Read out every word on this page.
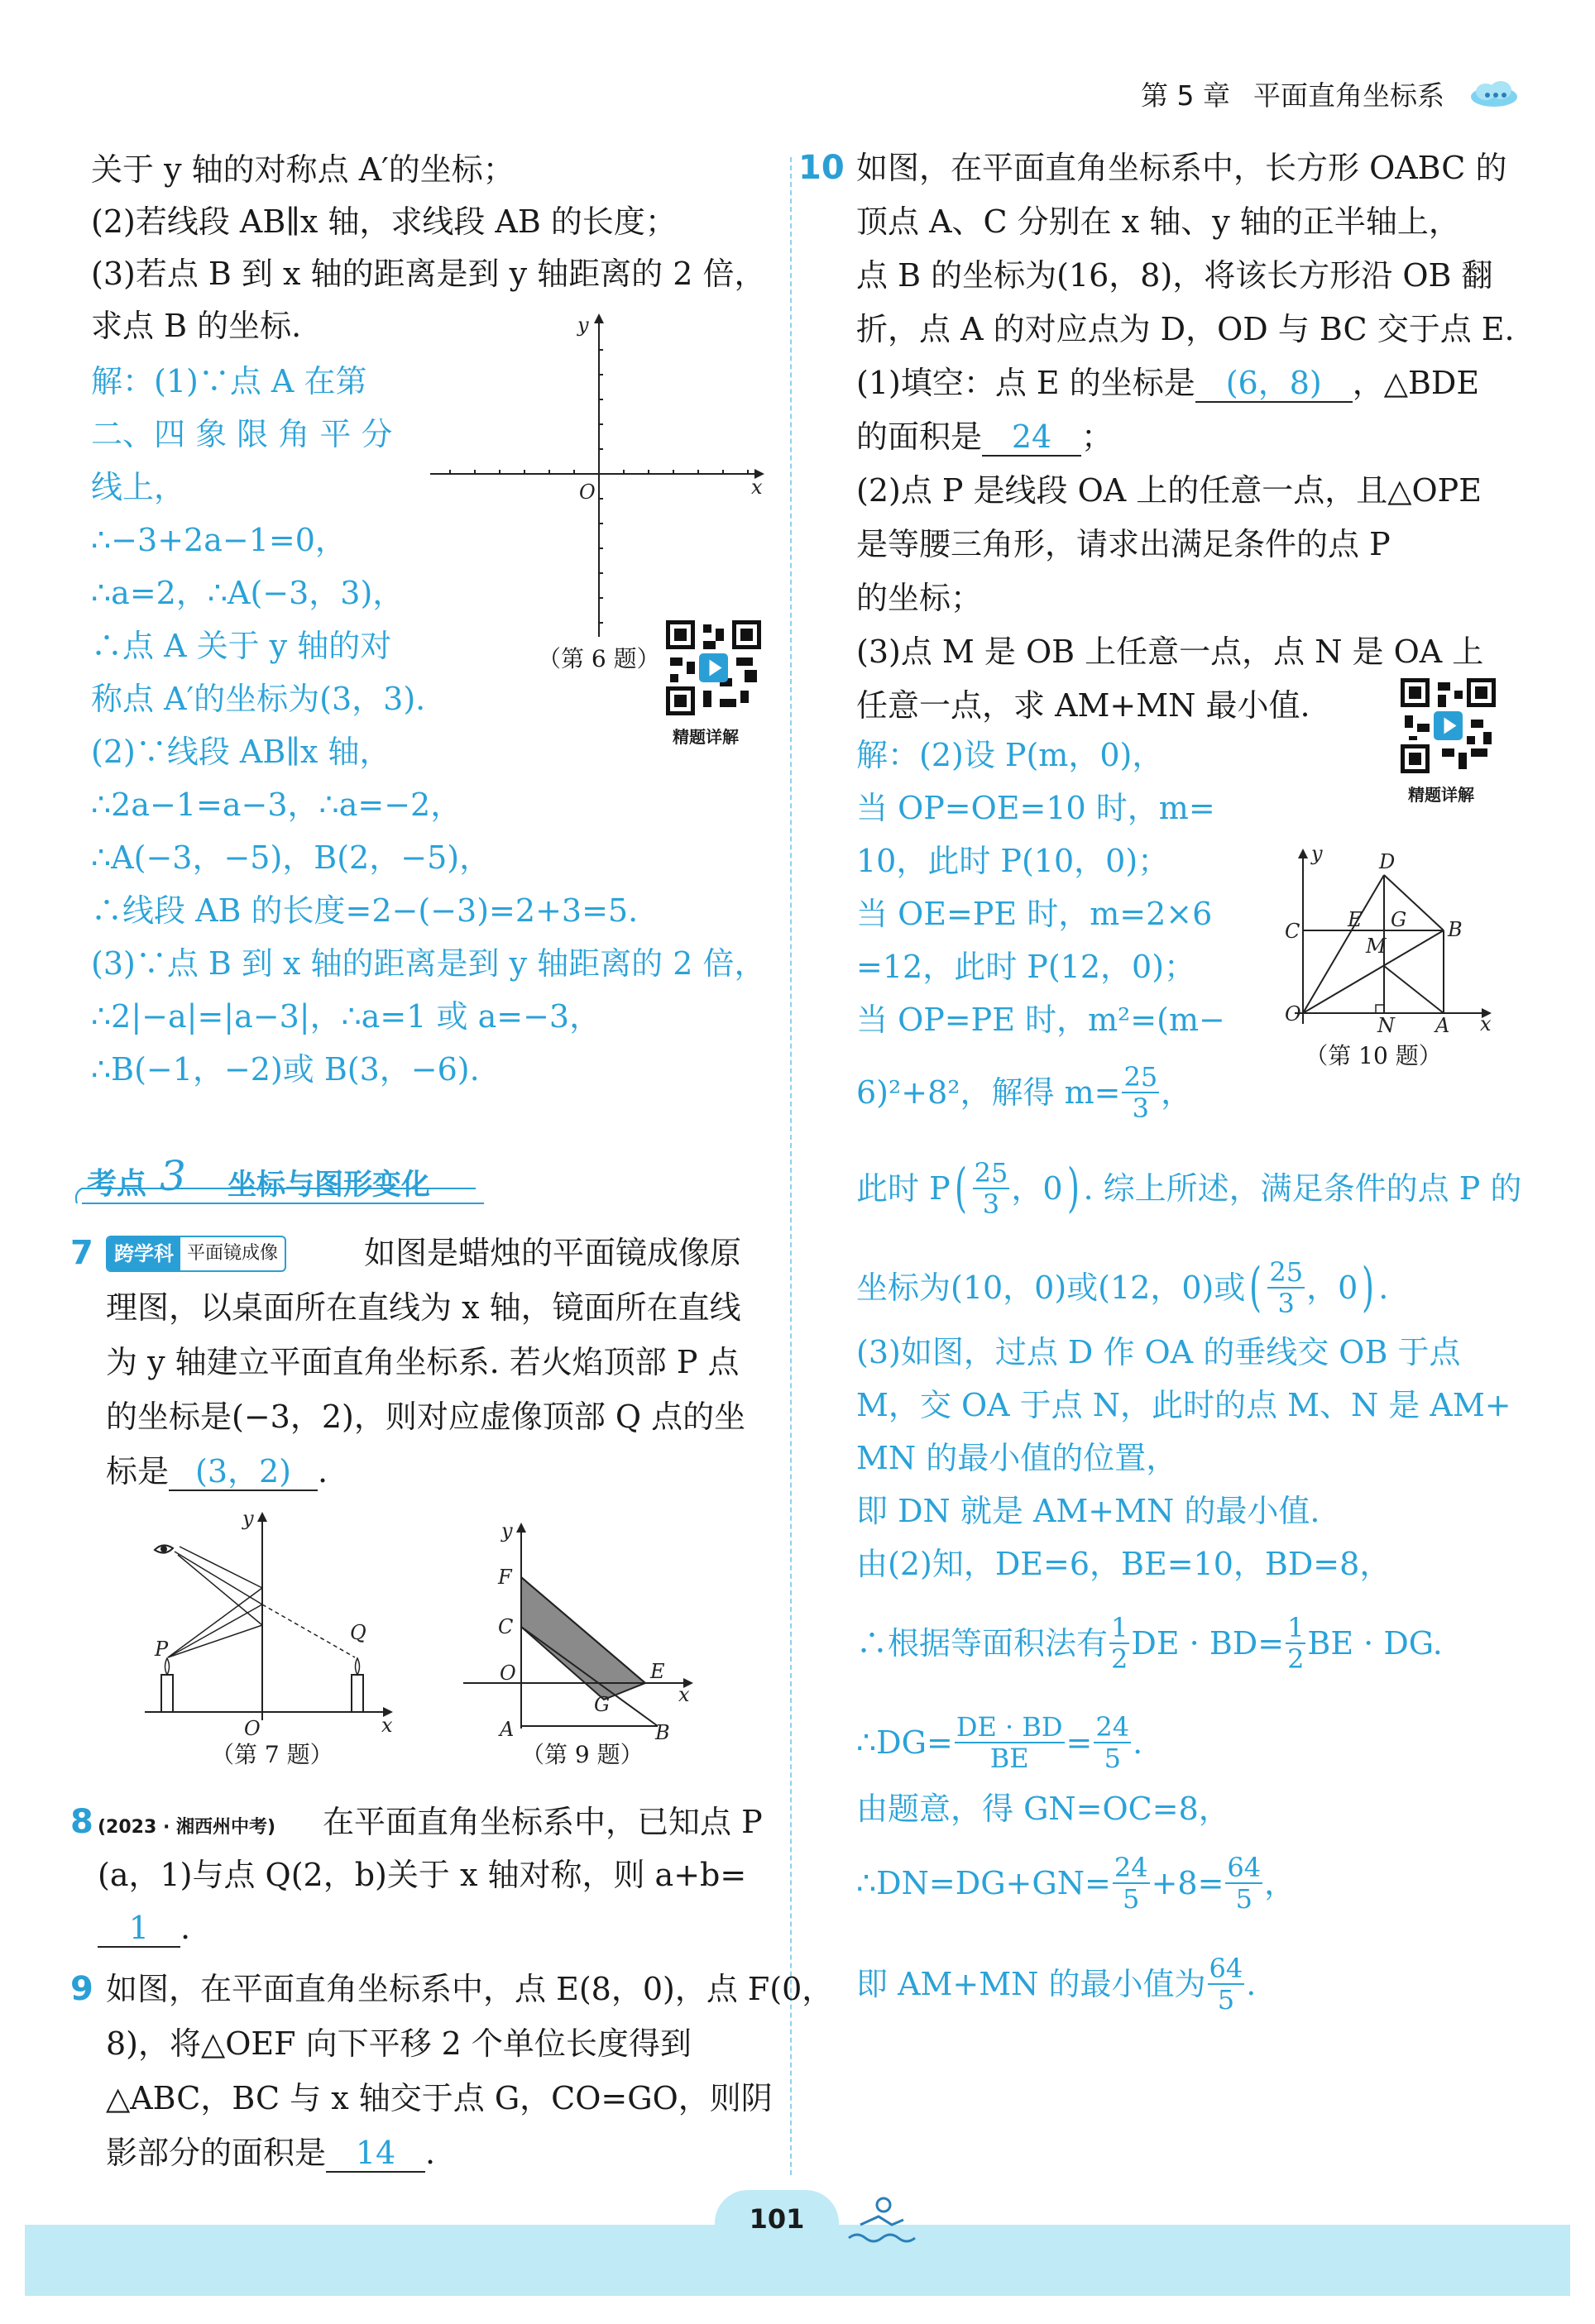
第 5 章 平面直角坐标系
关于 y 轴的对称点 A′的坐标；
(2)若线段 AB∥x 轴，求线段 AB 的长度；
(3)若点 B 到 x 轴的距离是到 y 轴距离的 2 倍，
求点 B 的坐标.
解：(1)∵点 A 在第
二、四 象 限 角 平 分
线上，
∴−3+2a−1=0，
∴a=2，∴A(−3，3)，
∴点 A 关于 y 轴的对
称点 A′的坐标为(3，3).
(2)∵线段 AB∥x 轴，
∴2a−1=a−3，∴a=−2，
∴A(−3，−5)，B(2，−5)，
∴线段 AB 的长度=2−(−3)=2+3=5.
(3)∵点 B 到 x 轴的距离是到 y 轴距离的 2 倍，
∴2|−a|=|a−3|，∴a=1 或 a=−3，
∴B(−1，−2)或 B(3，−6).
O	x
y
（第 6 题）
精题详解
考点 3 坐标与图形变化
7	跨学科 平面镜成像	如图是蜡烛的平面镜成像原
理图，以桌面所在直线为 x 轴，镜面所在直线
为 y 轴建立平面直角坐标系. 若火焰顶部 P 点
的坐标是(−3，2)，则对应虚像顶部 Q 点的坐
标是 (3，2) .
O	x
y
P
Q
（第 7 题）
y
F
C
O
A
E
x
G
B
（第 9 题）
8 (2023 · 湘西州中考) 在平面直角坐标系中，已知点 P
(a，1)与点 Q(2，b)关于 x 轴对称，则 a+b=
1 .
9 如图，在平面直角坐标系中，点 E(8，0)，点 F(0，
8)，将△OEF 向下平移 2 个单位长度得到
△ABC，BC 与 x 轴交于点 G，CO=GO，则阴
影部分的面积是 14 .
10 如图，在平面直角坐标系中，长方形 OABC 的
顶点 A、C 分别在 x 轴、y 轴的正半轴上，
点 B 的坐标为(16，8)，将该长方形沿 OB 翻
折，点 A 的对应点为 D，OD 与 BC 交于点 E.
(1)填空：点 E 的坐标是 (6，8) ，△BDE
的面积是 24 ；
(2)点 P 是线段 OA 上的任意一点，且△OPE
是等腰三角形，请求出满足条件的点 P
的坐标；
(3)点 M 是 OB 上任意一点，点 N 是 OA 上
任意一点，求 AM+MN 最小值.
精题详解
解：(2)设 P(m，0)，
当 OP=OE=10 时，m=
10，此时 P(10，0)；
当 OE=PE 时，m=2×6
=12，此时 P(12，0)；
当 OP=PE 时，m²=(m−
6)²+8²，解得 $m= \frac{25}{3}$ ，
O
C
y	D
E G
M
B
N A x
（第 10 题）
此时 P ( $\frac{25}{3}$ ，0 ) . 综上所述，满足条件的点 P 的
坐标为(10，0)或(12，0)或 ( $\frac{25}{3}$ ，0 ) .
(3)如图，过点 D 作 OA 的垂线交 OB 于点
M，交 OA 于点 N，此时的点 M、N 是 AM+
MN 的最小值的位置，
即 DN 就是 AM+MN 的最小值.
由(2)知，DE=6，BE=10，BD=8，
∴根据等面积法有 $\frac{1}{2}$ DE · $BD= \frac{1}{2}$ BE · DG.
∴DG= $\frac{DE \cdot BD}{BE} = \frac{24}{5}$ .
由题意，得 GN=OC=8，
∴DN=DG+GN= $\frac{24}{5} +8= \frac{64}{5}$ ，
即 AM+MN 的最小值为 $\frac{64}{5}$ .
101
